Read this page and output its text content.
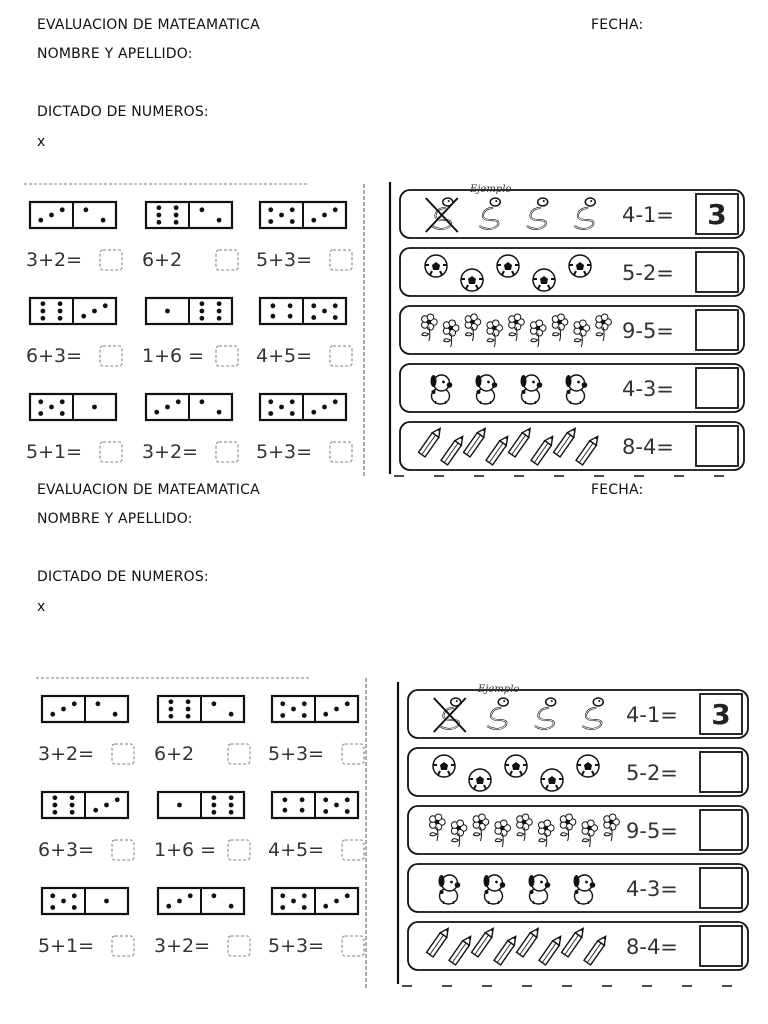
EVALUACION DE MATEAMATICA	FECHA:
NOMBRE Y APELLIDO:
DICTADO DE NUMEROS:
x
3+2=	6+2	5+3=
6+3=	1+6 =	4+5=
5+1=	3+2=	5+3=
Ejemplo
4-1= 3
5-2=
9-5=
4-3=
8-4=
EVALUACION DE MATEAMATICA	FECHA:
NOMBRE Y APELLIDO:
DICTADO DE NUMEROS:
x
3+2=	6+2	5+3=
6+3=	1+6 =	4+5=
5+1=	3+2=	5+3=
Ejemplo
4-1= 3
5-2=
9-5=
4-3=
8-4=
